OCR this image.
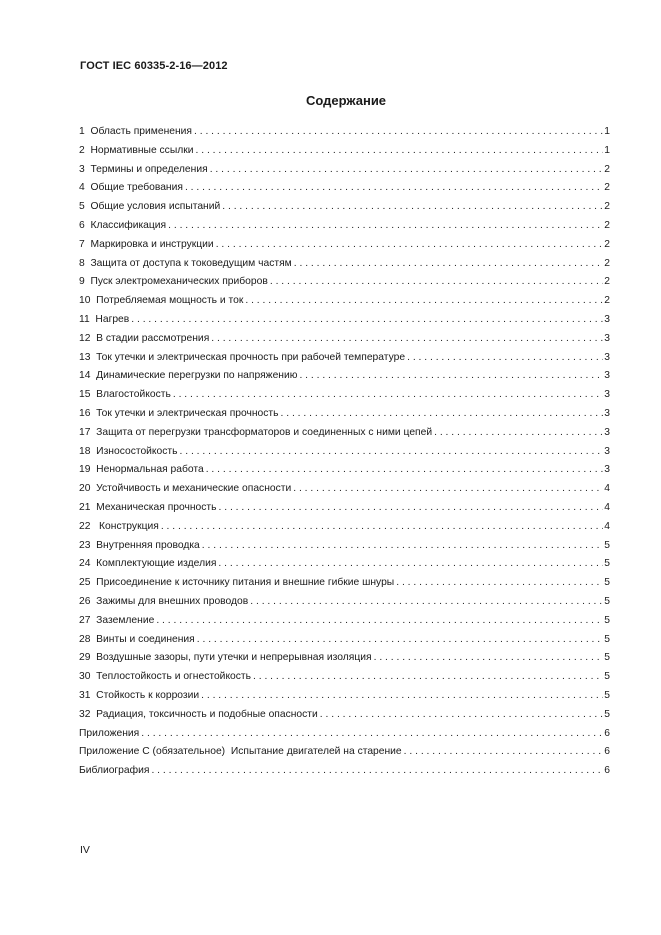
ГОСТ IEC 60335-2-16—2012
Содержание
1  Область применения . . .	1
2  Нормативные ссылки . . .	1
3  Термины и определения . . .	2
4  Общие требования . . .	2
5  Общие условия испытаний . . .	2
6  Классификация . . .	2
7  Маркировка и инструкции . . .	2
8  Защита от доступа к токоведущим частям . . .	2
9  Пуск электромеханических приборов . . .	2
10  Потребляемая мощность и ток . . .	2
11  Нагрев . . .	3
12  В стадии рассмотрения . . .	3
13  Ток утечки и электрическая прочность при рабочей температуре . . .	3
14  Динамические перегрузки по напряжению . . .	3
15  Влагостойкость . . .	3
16  Ток утечки и электрическая прочность . . .	3
17  Защита от перегрузки трансформаторов и соединенных с ними цепей . . .	3
18  Износостойкость . . .	3
19  Ненормальная работа . . .	3
20  Устойчивость и механические опасности . . .	4
21  Механическая прочность . . .	4
22   Конструкция . . .	4
23  Внутренняя проводка . . .	5
24  Комплектующие изделия . . .	5
25  Присоединение к источнику питания и внешние гибкие шнуры . . .	5
26  Зажимы для внешних проводов . . .	5
27  Заземление . . .	5
28  Винты и соединения . . .	5
29  Воздушные зазоры, пути утечки и непрерывная изоляция . . .	5
30  Теплостойкость и огнестойкость . . .	5
31  Стойкость к коррозии . . .	5
32  Радиация, токсичность и подобные опасности . . .	5
Приложения . . .	6
Приложение С (обязательное)  Испытание двигателей на старение . . .	6
Библиография . . .	6
IV
